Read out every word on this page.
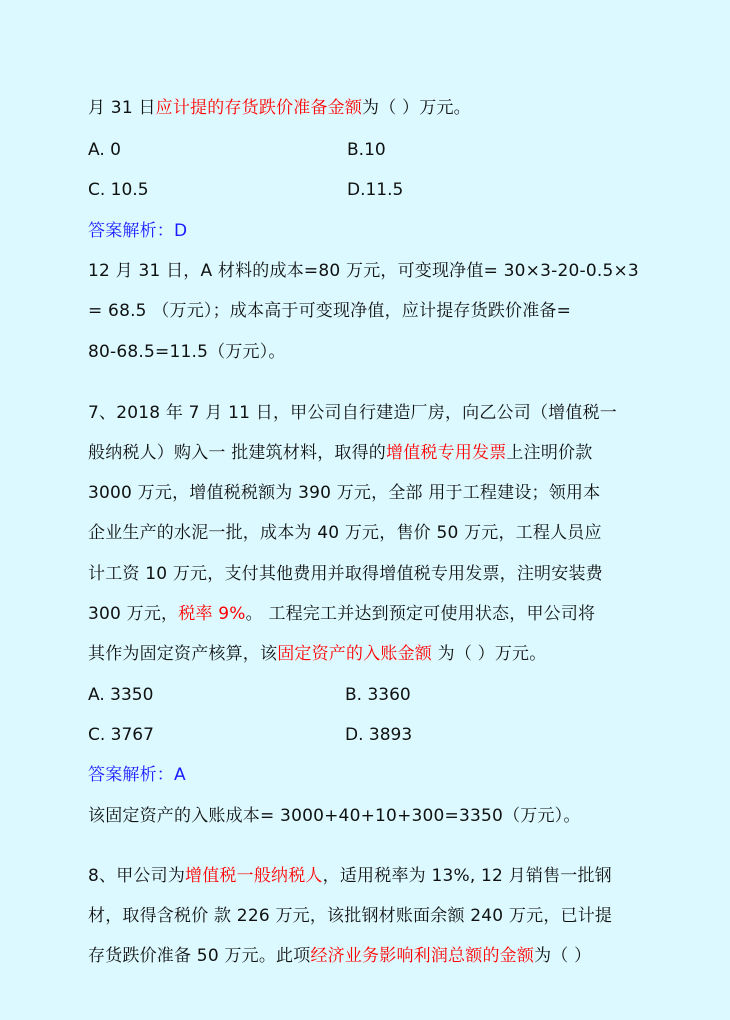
月 31 日应计提的存货跌价准备金额为（ ）万元。
A. 0	B.10
C. 10.5	D.11.5
答案解析：D
12 月 31 日，A 材料的成本=80 万元，可变现净值= 30×3-20-0.5×3
= 68.5 （万元）；成本高于可变现净值，应计提存货跌价准备=
80-68.5=11.5（万元）。
7、2018 年 7 月 11 日，甲公司自行建造厂房，向乙公司（增值税一
般纳税人）购入一 批建筑材料，取得的增值税专用发票上注明价款
3000 万元，增值税税额为 390 万元，全部 用于工程建设；领用本
企业生产的水泥一批，成本为 40 万元，售价 50 万元，工程人员应
计工资 10 万元，支付其他费用并取得增值税专用发票，注明安装费
300 万元，税率 9%。 工程完工并达到预定可使用状态，甲公司将
其作为固定资产核算，该固定资产的入账金额 为（ ）万元。
A. 3350	B. 3360
C. 3767	D. 3893
答案解析：A
该固定资产的入账成本= 3000+40+10+300=3350（万元）。
8、甲公司为增值税一般纳税人，适用税率为 13%, 12 月销售一批钢
材，取得含税价 款 226 万元，该批钢材账面余额 240 万元，已计提
存货跌价准备 50 万元。此项经济业务影响利润总额的金额为（ ）
